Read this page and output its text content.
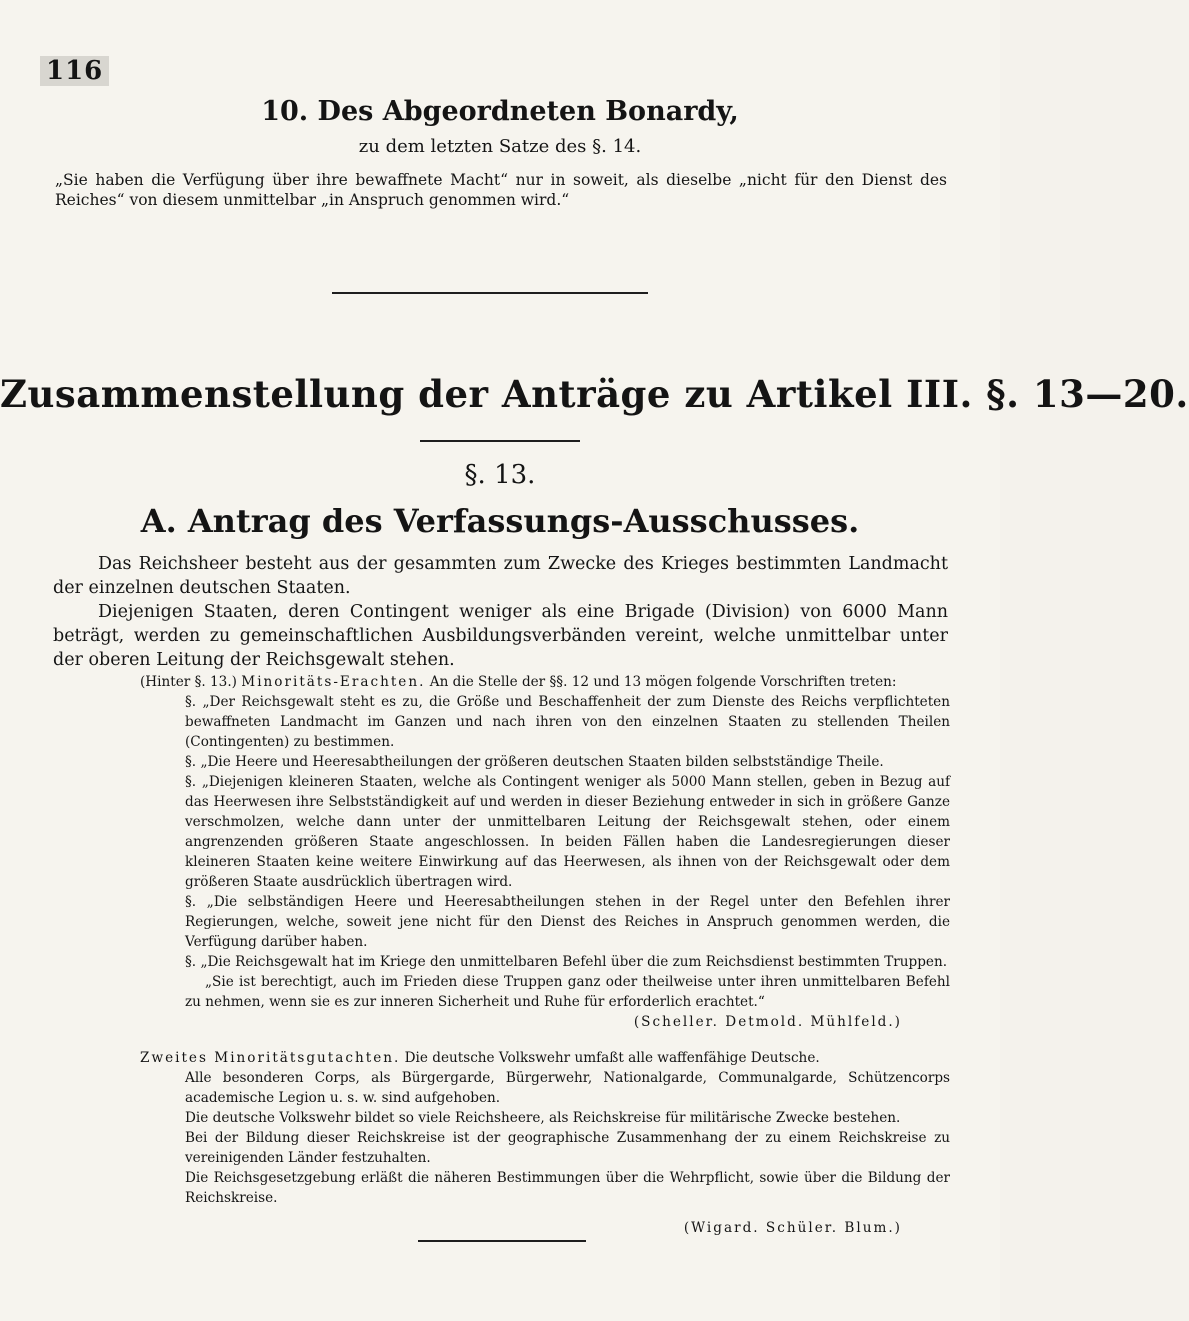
116
10. Des Abgeordneten Bonardy,
zu dem letzten Satze des §. 14.
„Sie haben die Verfügung über ihre bewaffnete Macht“ nur in soweit, als dieselbe „nicht für den Dienst des Reiches“ von diesem unmittelbar „in Anspruch genommen wird.“
Zusammenstellung der Anträge zu Artikel III. §. 13—20.
§. 13.
A. Antrag des Verfassungs-Ausschusses.

Das Reichsheer besteht aus der gesammten zum Zwecke des Krieges bestimmten Landmacht der einzelnen deutschen Staaten.

Diejenigen Staaten, deren Contingent weniger als eine Brigade (Division) von 6000 Mann beträgt, werden zu gemeinschaftlichen Ausbildungsverbänden vereint, welche unmittelbar unter der oberen Leitung der Reichsgewalt stehen.

(Hinter §. 13.) Minoritäts-Erachten. An die Stelle der §§. 12 und 13 mögen folgende Vorschriften treten:

§. „Der Reichsgewalt steht es zu, die Größe und Beschaffenheit der zum Dienste des Reichs verpflichteten bewaffneten Landmacht im Ganzen und nach ihren von den einzelnen Staaten zu stellenden Theilen (Contingenten) zu bestimmen.

§. „Die Heere und Heeresabtheilungen der größeren deutschen Staaten bilden selbstständige Theile.

§. „Diejenigen kleineren Staaten, welche als Contingent weniger als 5000 Mann stellen, geben in Bezug auf das Heerwesen ihre Selbstständigkeit auf und werden in dieser Beziehung entweder in sich in größere Ganze verschmolzen, welche dann unter der unmittelbaren Leitung der Reichsgewalt stehen, oder einem angrenzenden größeren Staate angeschlossen. In beiden Fällen haben die Landesregierungen dieser kleineren Staaten keine weitere Einwirkung auf das Heerwesen, als ihnen von der Reichsgewalt oder dem größeren Staate ausdrücklich übertragen wird.

§. „Die selbständigen Heere und Heeresabtheilungen stehen in der Regel unter den Befehlen ihrer Regierungen, welche, soweit jene nicht für den Dienst des Reiches in Anspruch genommen werden, die Verfügung darüber haben.

§. „Die Reichsgewalt hat im Kriege den unmittelbaren Befehl über die zum Reichsdienst bestimmten Truppen.

„Sie ist berechtigt, auch im Frieden diese Truppen ganz oder theilweise unter ihren unmittelbaren Befehl zu nehmen, wenn sie es zur inneren Sicherheit und Ruhe für erforderlich erachtet.“

(Scheller. Detmold. Mühlfeld.)

Zweites Minoritätsgutachten. Die deutsche Volkswehr umfaßt alle waffenfähige Deutsche.

Alle besonderen Corps, als Bürgergarde, Bürgerwehr, Nationalgarde, Communalgarde, Schützencorps academische Legion u. s. w. sind aufgehoben.

Die deutsche Volkswehr bildet so viele Reichsheere, als Reichskreise für militärische Zwecke bestehen.

Bei der Bildung dieser Reichskreise ist der geographische Zusammenhang der zu einem Reichskreise zu vereinigenden Länder festzuhalten.

Die Reichsgesetzgebung erläßt die näheren Bestimmungen über die Wehrpflicht, sowie über die Bildung der Reichskreise.

(Wigard. Schüler. Blum.)
